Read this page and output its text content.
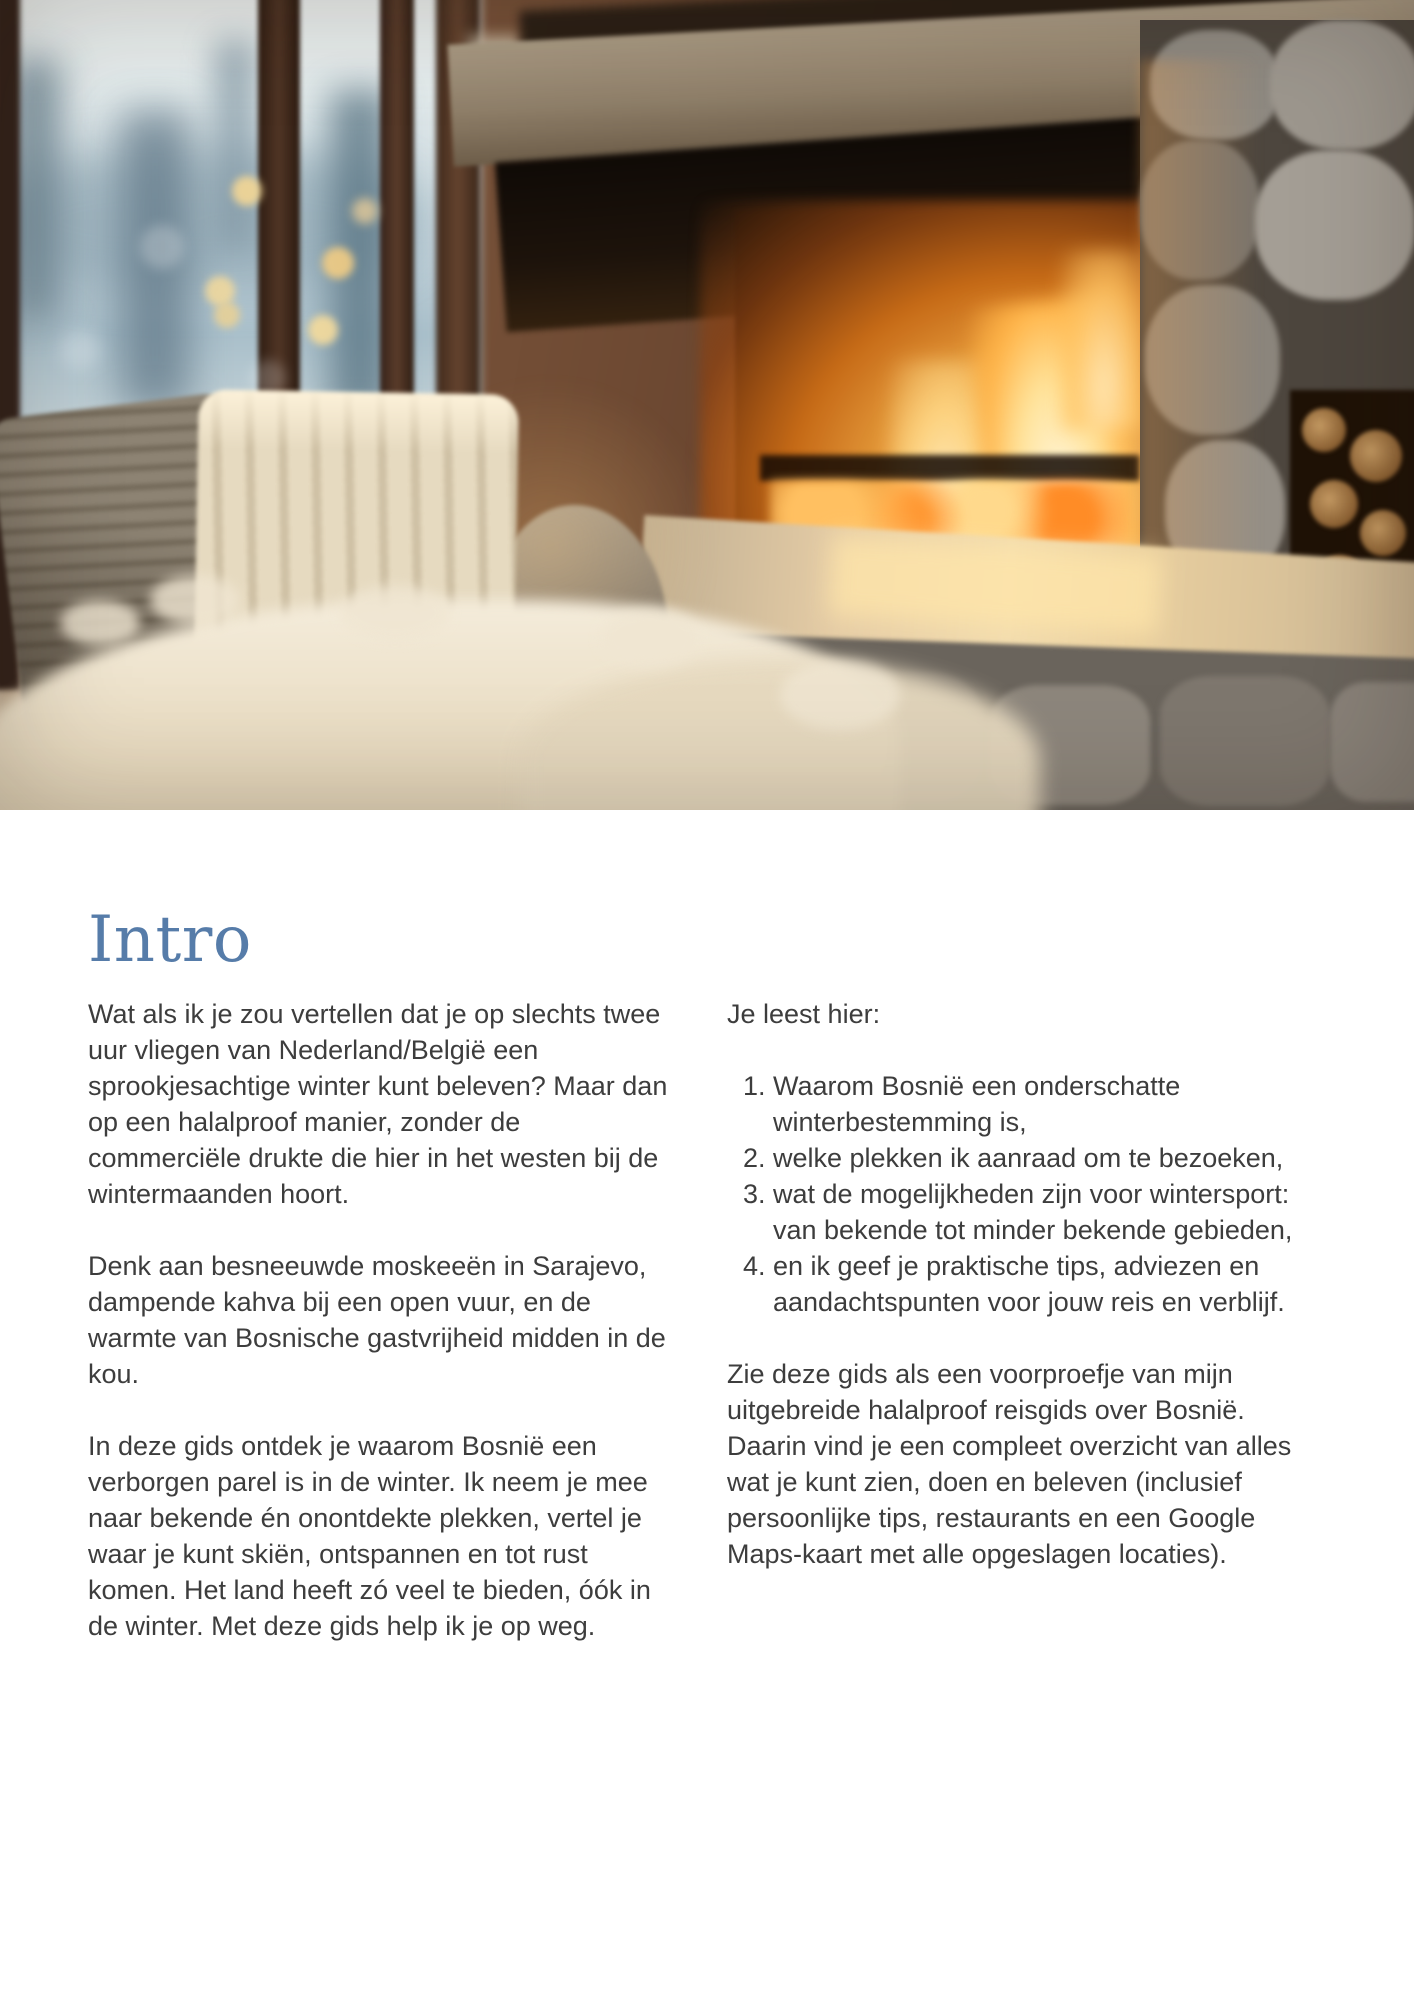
Intro

Wat als ik je zou vertellen dat je op slechts twee uur vliegen van Nederland/België een sprookjesachtige winter kunt beleven? Maar dan op een halalproof manier, zonder de commerciële drukte die hier in het westen bij de wintermaanden hoort.

Denk aan besneeuwde moskeeën in Sarajevo, dampende kahva bij een open vuur, en de warmte van Bosnische gastvrijheid midden in de kou.

In deze gids ontdek je waarom Bosnië een verborgen parel is in de winter. Ik neem je mee naar bekende én onontdekte plekken, vertel je waar je kunt skiën, ontspannen en tot rust komen. Het land heeft zó veel te bieden, óók in de winter. Met deze gids help ik je op weg.

Je leest hier:

1. Waarom Bosnië een onderschatte winterbestemming is,
2. welke plekken ik aanraad om te bezoeken,
3. wat de mogelijkheden zijn voor wintersport: van bekende tot minder bekende gebieden,
4. en ik geef je praktische tips, adviezen en aandachtspunten voor jouw reis en verblijf.

Zie deze gids als een voorproefje van mijn uitgebreide halalproof reisgids over Bosnië. Daarin vind je een compleet overzicht van alles wat je kunt zien, doen en beleven (inclusief persoonlijke tips, restaurants en een Google Maps-kaart met alle opgeslagen locaties).
